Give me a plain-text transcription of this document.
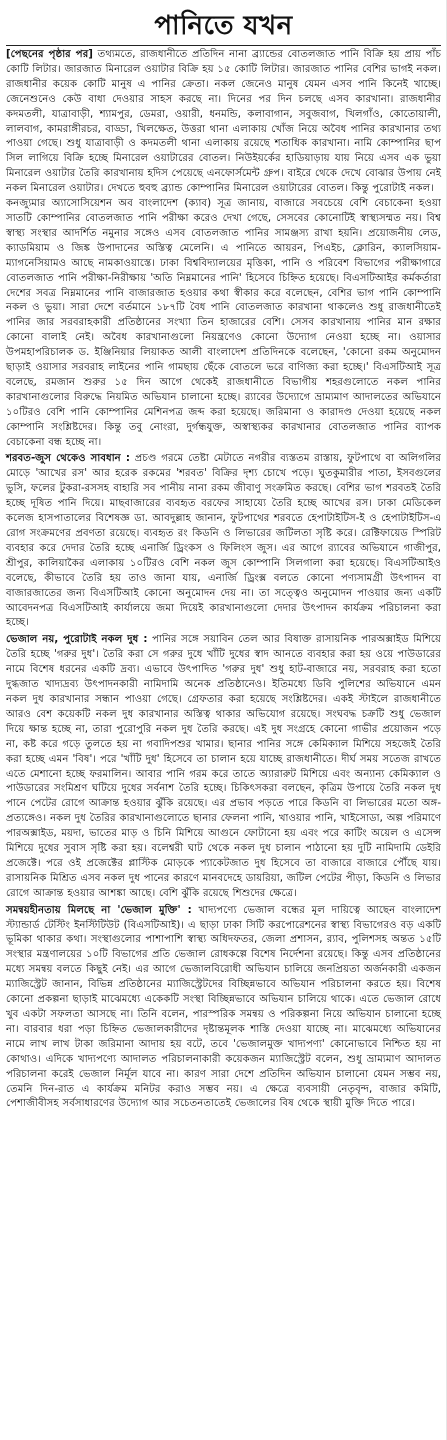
পানিতে যখন

[পেছনের পৃষ্ঠার পর] তথ্যমতে, রাজধানীতে প্রতিদিন নানা ব্র্যান্ডের বোতলজাত পানি বিক্রি হয় প্রায় পাঁচ কোটি লিটার। জারজাত মিনারেল ওয়াটার বিক্রি হয় ১৫ কোটি লিটার। জারজাত পানির বেশির ভাগই নকল। রাজধানীর কয়েক কোটি মানুষ এ পানির ক্রেতা। নকল জেনেও মানুষ যেমন এসব পানি কিনেই খাচ্ছে। জেনেশুনেও কেউ বাধা দেওয়ার সাহস করছে না। দিনের পর দিন চলছে এসব কারখানা। রাজধানীর কদমতলী, যাত্রাবাড়ী, শ্যামপুর, ডেমরা, ওয়ারী, ধনমন্ডি, কলাবাগান, সবুজবাগ, খিলগাঁও, কোতোয়ালী, লালবাগ, কামরাঙ্গীরচর, বাড্ডা, খিলক্ষেত, উত্তরা থানা এলাকায় খোঁজ নিয়ে অবৈধ পানির কারখানার তথ্য পাওয়া গেছে। শুধু যাত্রাবাড়ী ও কদমতলী থানা এলাকায় রয়েছে শতাধিক কারখানা। নামি কোম্পানির ছাপ সিল লাগিয়ে বিক্রি হচ্ছে মিনারেল ওয়াটারের বোতল। নিউইয়র্কের হাডিয়াড়ায় যায় নিয়ে এসব এক ভুয়া মিনারেল ওয়াটার তৈরি কারখানায় হদিস পেয়েছে এনফোর্সমেন্ট গ্রুপ। বাইরে থেকে দেখে বোঝার উপায় নেই নকল মিনারেল ওয়াটার। দেখতে হুবহু ব্র্যান্ড কোম্পানির মিনারেল ওয়াটারের বোতল। কিন্তু পুরোটাই নকল।

কনজ্যুমার অ্যাসোসিয়েশন অব বাংলাদেশ (ক্যাব) সূত্র জানায়, বাজারে সবচেয়ে বেশি বেচাকেনা হওয়া সাতটি কোম্পানির বোতলজাত পানি পরীক্ষা করেও দেখা গেছে, সেসবের কোনোটিই স্বাস্থ্যসম্মত নয়। বিশ্ব স্বাস্থ্য সংস্থার আদর্শিত নমুনার সঙ্গেও এসব বোতলজাত পানির সামঞ্জস্য রাখা হয়নি। প্রয়োজনীয় লেড, ক্যাডমিয়াম ও জিঙ্ক উপাদানের অস্তিত্ব মেলেনি। এ পানিতে আয়রন, পিএইচ, ক্লোরিন, ক্যালসিয়াম-ম্যাগনেসিয়ামও আছে নামকাওয়াস্তে। ঢাকা বিশ্ববিদ্যালয়ের মৃত্তিকা, পানি ও পরিবেশ বিভাগের পরীক্ষাগারে বোতলজাত পানি পরীক্ষা-নিরীক্ষায় 'অতি নিম্নমানের পানি' হিসেবে চিহ্নিত হয়েছে। বিএসটিআইর কর্মকর্তারা দেশের সবত্র নিম্নমানের পানি বাজারজাত হওয়ার কথা স্বীকার করে বলেছেন, বেশির ভাগ পানি কোম্পানি নকল ও ভুয়া। সারা দেশে বর্তমানে ১৮৭টি বৈধ পানি বোতলজাত কারখানা থাকলেও শুধু রাজধানীতেই পানির জার সরবরাহকারী প্রতিষ্ঠানের সংখ্যা তিন হাজারের বেশি। সেসব কারখানায় পানির মান রক্ষার কোনো বালাই নেই। অবৈধ কারখানাগুলো নিয়ন্ত্রণেও কোনো উদ্যোগ নেওয়া হচ্ছে না। ওয়াসার উপমহাপরিচালক ড. ইঞ্জিনিয়ার লিয়াকত আলী বাংলাদেশ প্রতিদিনকে বলেছেন, 'কোনো রকম অনুমোদন ছাড়াই ওয়াসার সরবরাহ লাইনের পানি গামছায় ছেঁকে বোতলে ভরে বাণিজ্য করা হচ্ছে।' বিএসটিআই সূত্র বলেছে, রমজান শুরুর ১৫ দিন আগে থেকেই রাজধানীতে বিভাগীয় শহরগুলোতে নকল পানির কারখানাগুলোর বিরুদ্ধে নিয়মিত অভিযান চালানো হচ্ছে। র‍্যাবের উদ্যোগে ভ্রাম্যমাণ আদালতের অভিযানে ১০টিরও বেশি পানি কোম্পানির মেশিনপত্র জব্দ করা হয়েছে। জরিমানা ও কারাদণ্ড দেওয়া হয়েছে নকল কোম্পানি সংশ্লিষ্টদের। কিন্তু তবু নোংরা, দুর্গন্ধযুক্ত, অস্বাস্থ্যকর কারখানার বোতলজাত পানির ব্যাপক বেচাকেনা বন্ধ হচ্ছে না।

শরবত-জুস থেকেও সাবধান : প্রচণ্ড গরমে তেষ্টা মেটাতে নগরীর ব্যস্ততম রাস্তায়, ফুটপাথে বা অলিগলির মোড়ে 'আখের রস' আর হরেক রকমের 'শরবত' বিক্রির দৃশ্য চোখে পড়ে। ঘুতকুমারীর পাতা, ইসবগুলের ভুসি, ফলের টুকরা-রসসহ বাহারি সব পানীয় নানা রকম জীবাণু সংক্রমিত করছে। বেশির ভাগ শরবতই তৈরি হচ্ছে দূষিত পানি দিয়ে। মাছবাজারের ব্যবহৃত বরফের সাহায্যে তৈরি হচ্ছে আখের রস। ঢাকা মেডিকেল কলেজ হাসপাতালের বিশেষজ্ঞ ডা. আবদুল্লাহ জানান, ফুটপাথের শরবতে হেপাটাইটিস-ই ও হেপাটাইটিস-এ রোগ সংক্রমণের প্রবণতা রয়েছে। ব্যবহৃত রং কিডনি ও লিভারের জটিলতা সৃষ্টি করে। রেক্টিফায়েড স্পিরিট ব্যবহার করে দেদার তৈরি হচ্ছে এনার্জি ড্রিংকস ও ফিলিংস জুস। এর আগে র‍্যাবের অভিযানে গাজীপুর, শ্রীপুর, কালিয়াকৈর এলাকায় ১০টিরও বেশি নকল জুস কোম্পানি সিলগালা করা হয়েছে। বিএসটিআইও বলেছে, কীভাবে তৈরি হয় তাও জানা যায়, এনার্জি ড্রিংক্স বলতে কোনো পণ্যসামগ্রী উৎপাদন বা বাজারজাতের জন্য বিএসটিআই কোনো অনুমোদন দেয় না। তা সত্ত্বেও অনুমোদন পাওয়ার জন্য একটি আবেদনপত্র বিএসটিআই কার্যালয়ে জমা দিয়েই কারখানাগুলো দেদার উৎপাদন কার্যক্রম পরিচালনা করা হচ্ছে।

ভেজাল নয়, পুরোটাই নকল দুধ : পানির সঙ্গে সয়াবিন তেল আর বিষাক্ত রাসায়নিক পারঅক্সাইড মিশিয়ে তৈরি হচ্ছে 'গরুর দুধ'। তৈরি করা সে গরুর দুধে খাঁটি দুধের স্বাদ আনতে ব্যবহার করা হয় ওয়ে পাউডারের নামে বিশেষ ধরনের একটি দ্রব্য। এভাবে উৎপাদিত 'গরুর দুধ' শুধু হাট-বাজারে নয়, সরবরাহ করা হতো দুগ্ধজাত খাদ্যদ্রব্য উৎপাদনকারী নামিদামি অনেক প্রতিষ্ঠানেও। ইতিমধ্যে ডিবি পুলিশের অভিযানে এমন নকল দুধ কারখানার সন্ধান পাওয়া গেছে। গ্রেফতার করা হয়েছে সংশ্লিষ্টদের। একই স্টাইলে রাজধানীতে আরও বেশ কয়েকটি নকল দুধ কারখানার অস্তিত্ব থাকার অভিযোগ রয়েছে। সংঘবদ্ধ চক্রটি শুধু ভেজাল দিয়ে ক্ষান্ত হচ্ছে না, তারা পুরোপুরি নকল দুধ তৈরি করছে। এই দুধ সংগ্রহে কোনো গাভীর প্রয়োজন পড়ে না, কষ্ট করে গড়ে তুলতে হয় না গবাদিপশুর খামার। ছানার পানির সঙ্গে কেমিক্যাল মিশিয়ে সহজেই তৈরি করা হচ্ছে এমন 'বিষ'। পরে 'খাঁটি দুধ' হিসেবে তা চালান হয়ে যাচ্ছে রাজধানীতে। দীর্ঘ সময় সতেজ রাখতে এতে মেশানো হচ্ছে ফরমালিন। আবার পানি গরম করে তাতে অ্যারারুট মিশিয়ে এবং অন্যান্য কেমিক্যাল ও পাউডারের সংমিশ্রণ ঘটিয়ে দুধের সর্বনাশ তৈরি হচ্ছে। চিকিৎসকরা বলছেন, কৃত্রিম উপায়ে তৈরি নকল দুধ পানে পেটের রোগে আক্রান্ত হওয়ার ঝুঁকি রয়েছে। এর প্রভাব পড়তে পারে কিডনি বা লিভারের মতো অঙ্গ-প্রত্যঙ্গেও। নকল দুধ তৈরির কারখানাগুলোতে ছানার ফেলনা পানি, খাওয়ার পানি, খাইসোডা, অল্প পরিমাণে পারঅক্সাইড, ময়দা, ভাতের মাড় ও চিনি মিশিয়ে আগুনে ফোটানো হয় এবং পরে কাটিং অয়েল ও এসেন্স মিশিয়ে দুধের সুবাস সৃষ্টি করা হয়। বলেশ্বরী ঘাট থেকে নকল দুধ চালান পাঠানো হয় দুটি নামিদামি ডেইরি প্রজেক্টে। পরে ওই প্রজেক্টের প্লাস্টিক মোড়কে প্যাকেটজাত দুধ হিসেবে তা বাজারে বাজারে পৌঁছে যায়। রাসায়নিক মিশ্রিত এসব নকল দুধ পানের কারণে মানবদেহে ডায়রিয়া, জটিল পেটের পীড়া, কিডনি ও লিভার রোগে আক্রান্ত হওয়ার আশঙ্কা আছে। বেশি ঝুঁকি রয়েছে শিশুদের ক্ষেত্রে।

সমন্বয়হীনতায় মিলছে না 'ভেজাল মুক্তি' : খাদ্যপণ্যে ভেজাল বন্ধের মূল দায়িত্বে আছেন বাংলাদেশ স্ট্যান্ডার্ড টেস্টিং ইনস্টিটিউট (বিএসটিআই)। এ ছাড়া ঢাকা সিটি করপোরেশনের স্বাস্থ্য বিভাগেরও বড় একটি ভূমিকা থাকার কথা। সংস্থাগুলোর পাশাপাশি স্বাস্থ্য অধিদফতর, জেলা প্রশাসন, র‍্যাব, পুলিশসহ অন্তত ১৫টি সংস্থার মন্ত্রণালয়ের ১০টি বিভাগের প্রতি ভেজাল রোধকল্পে বিশেষ নির্দেশনা রয়েছে। কিন্তু এসব প্রতিষ্ঠানের মধ্যে সমন্বয় বলতে কিছুই নেই। এর আগে ভেজালবিরোধী অভিযান চালিয়ে জনপ্রিয়তা অর্জনকারী একজন ম্যাজিস্ট্রেট জানান, বিভিন্ন প্রতিষ্ঠানের ম্যাজিস্ট্রেটদের বিচ্ছিন্নভাবে অভিযান পরিচালনা করতে হয়। বিশেষ কোনো প্রকল্পনা ছাড়াই মাঝেমধ্যে একেকটি সংস্থা বিচ্ছিন্নভাবে অভিযান চালিয়ে থাকে। এতে ভেজাল রোধে খুব একটা সফলতা আসছে না। তিনি বলেন, পারস্পরিক সমন্বয় ও পরিকল্পনা নিয়ে অভিযান চালানো হচ্ছে না। বারবার ধরা পড়া চিহ্নিত ভেজালকারীদের দৃষ্টান্তমূলক শাস্তি দেওয়া যাচ্ছে না। মাঝেমধ্যে অভিযানের নামে লাখ লাখ টাকা জরিমানা আদায় হয় বটে, তবে 'ভেজালমুক্ত খাদ্যপণ্য' কোনোভাবে নিশ্চিত হয় না কোথাও। এদিকে খাদ্যপণ্যে আদালত পরিচালনাকারী কয়েকজন ম্যাজিস্ট্রেট বলেন, শুধু ভ্রাম্যমাণ আদালত পরিচালনা করেই ভেজাল নির্মূল যাবে না। কারণ সারা দেশে প্রতিদিন অভিযান চালানো যেমন সম্ভব নয়, তেমনি দিন-রাত এ কার্যক্রম মনিটর করাও সম্ভব নয়। এ ক্ষেত্রে ব্যবসায়ী নেতৃবৃন্দ, বাজার কমিটি, পেশাজীবীসহ সর্বসাধারণের উদ্যোগ আর সচেতনতাতেই ভেজালের বিষ থেকে স্থায়ী মুক্তি দিতে পারে।
